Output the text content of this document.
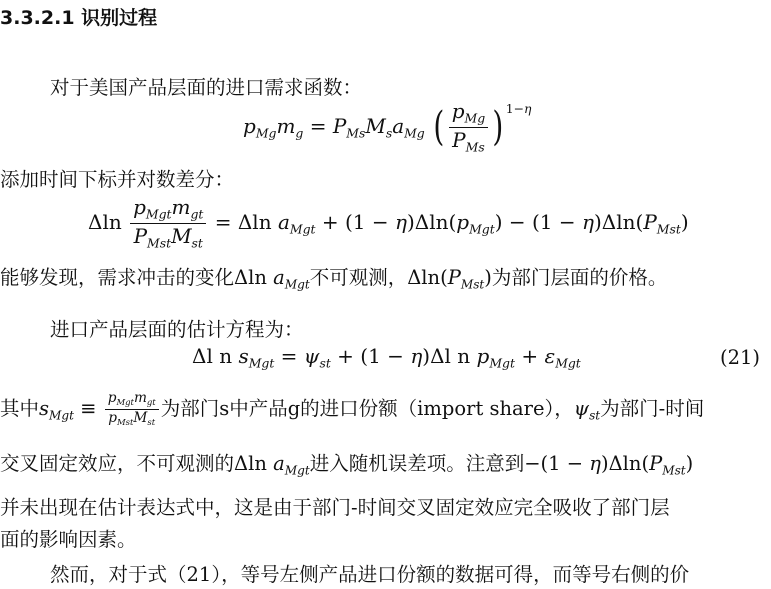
3.3.2.1 识别过程
对于美国产品层面的进口需求函数：
$p_{Mg}m_g = P_{Ms}M_sa_{Mg}$ ( $\frac{p_{Mg}}{P_{Ms}}$ ) $^{1-\eta}$
添加时间下标并对数差分：
Δln $\frac{p_{Mgt}m_{gt}}{P_{Mst}M_{st}} = \Delta\ln$ $a_{Mgt} + (1 - \eta)\Delta\ln(p_{Mgt}) - (1 - \eta)\Delta\ln(P_{Mst})$
能够发现，需求冲击的变化Δln $a_{Mgt}$不可观测，$\Delta\ln(P_{Mst})$为部门层面的价格。
进口产品层面的估计方程为：
Δl n $s_{Mgt} = \psi_{st} + (1 - \eta)\Delta l$ n $p_{Mgt} + \varepsilon_{Mgt}$	(21)
其中$s_{Mgt} \equiv \frac{p_{Mgt}m_{gt}}{p_{Mst}M_{st}}$ 为部门s中产品g的进口份额（import share），$\psi_{st}$为部门-时间
交叉固定效应，不可观测的Δln $a_{Mgt}$进入随机误差项。注意到$-(1 - \eta)\Delta\ln(P_{Mst})$
并未出现在估计表达式中，这是由于部门-时间交叉固定效应完全吸收了部门层
面的影响因素。
然而，对于式（21），等号左侧产品进口份额的数据可得，而等号右侧的价
